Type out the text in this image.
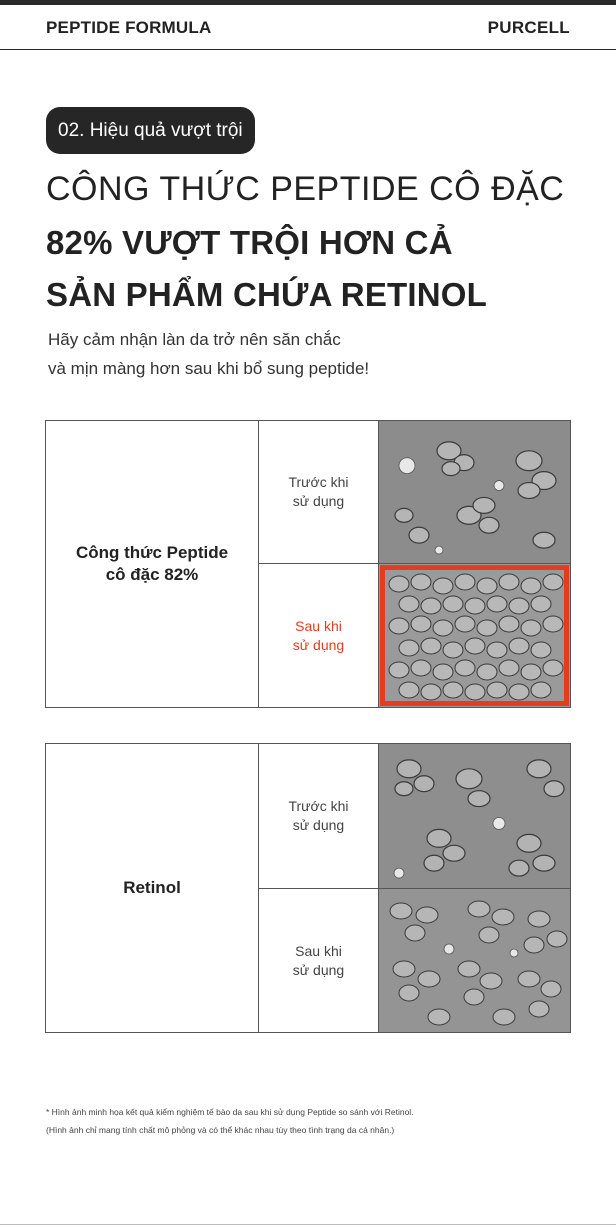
PEPTIDE FORMULA	PURCELL
02. Hiệu quả vượt trội
CÔNG THỨC PEPTIDE CÔ ĐẶC
82% VƯỢT TRỘI HƠN CẢ
SẢN PHẨM CHỨA RETINOL
Hãy cảm nhận làn da trở nên săn chắc
và mịn màng hơn sau khi bổ sung peptide!
Công thức Peptide
cô đặc 82%
Trước khi
sử dụng
Sau khi
sử dụng
Retinol
Trước khi
sử dụng
Sau khi
sử dụng
* Hình ảnh minh họa kết quả kiểm nghiệm tế bào da sau khi sử dụng Peptide so sánh với Retinol.
(Hình ảnh chỉ mang tính chất mô phỏng và có thể khác nhau tùy theo tình trạng da cá nhân.)
